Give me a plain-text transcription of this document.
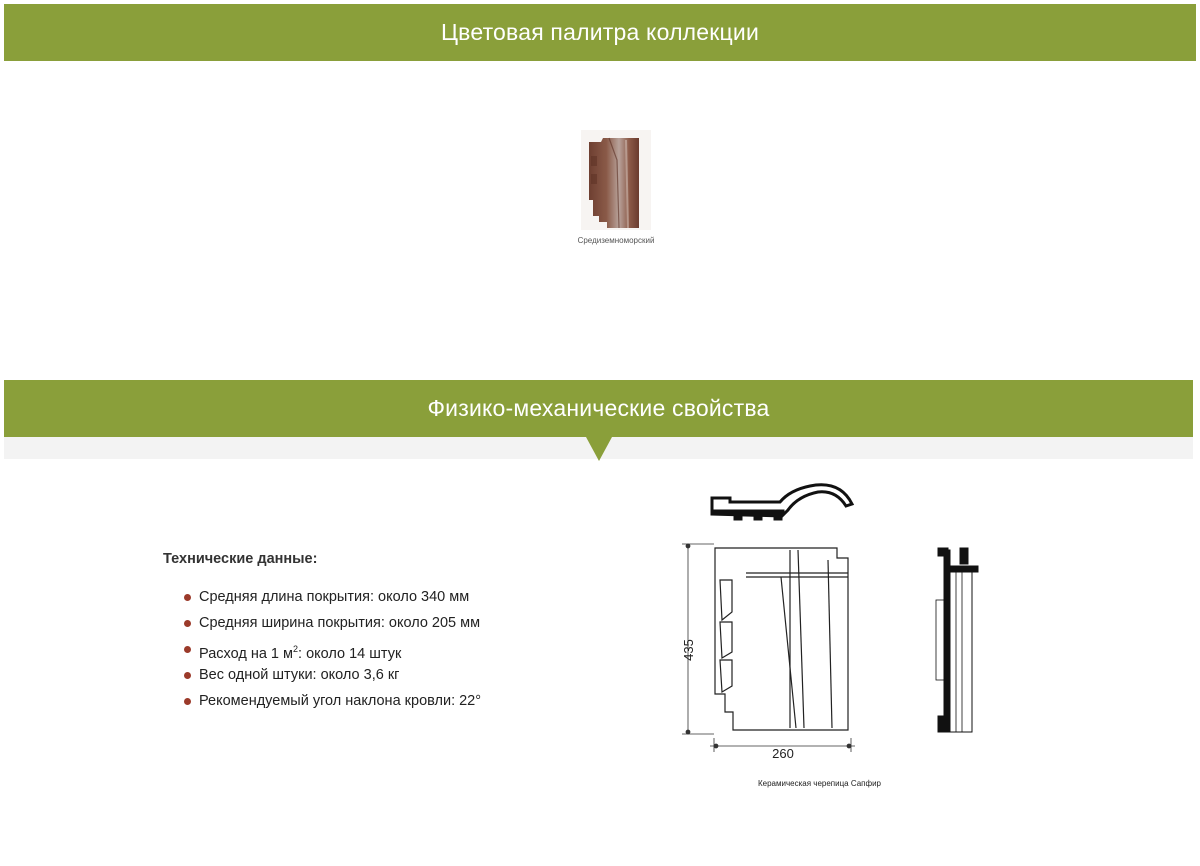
Цветовая палитра коллекции
Средиземноморский
Физико-механические свойства
Технические данные:
Средняя длина покрытия: около 340 мм
Средняя ширина покрытия: около 205 мм
Расход на 1 $м^2$: около 14 штук
Вес одной штуки: около 3,6 кг
Рекомендуемый угол наклона кровли: 22°
435
260
Керамическая черепица Сапфир
